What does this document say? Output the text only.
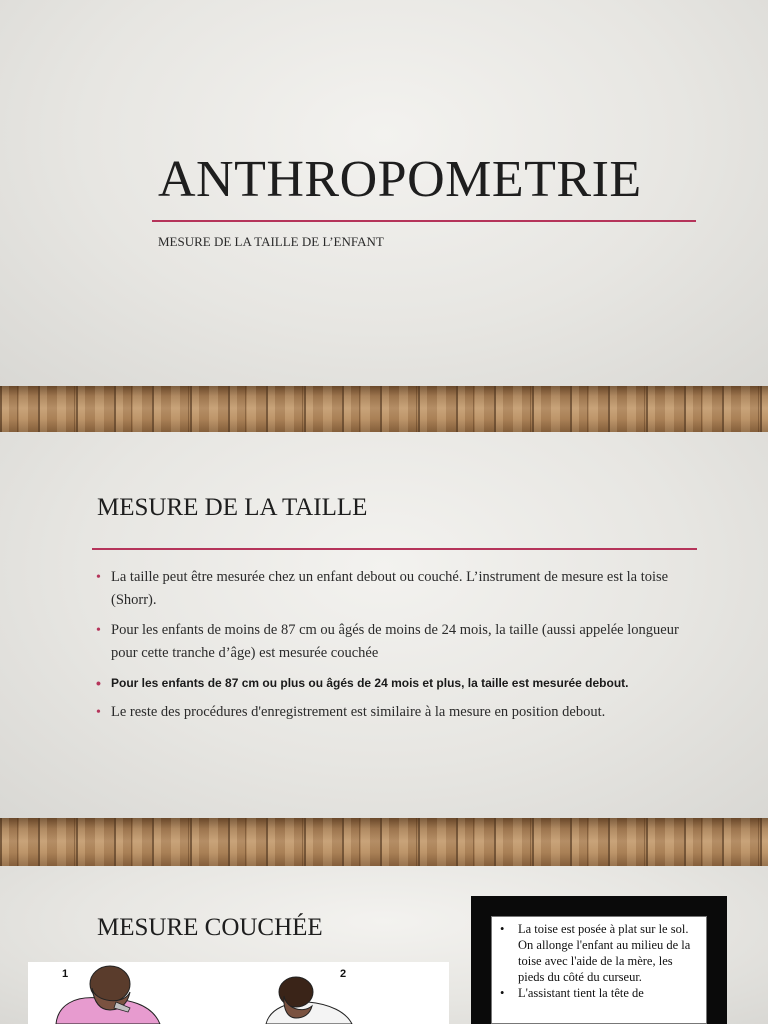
ANTHROPOMETRIE

MESURE DE LA TAILLE DE L’ENFANT

MESURE DE LA TAILLE
• La taille peut être mesurée chez un enfant debout ou couché. L’instrument de mesure est la toise (Shorr).
• Pour les enfants de moins de 87 cm ou âgés de moins de 24 mois, la taille (aussi appelée longueur pour cette tranche d’âge) est mesurée couchée
• Pour les enfants de 87 cm ou plus ou âgés de 24 mois et plus, la taille est mesurée debout.
• Le reste des procédures d'enregistrement est similaire à la mesure en position debout.
MESURE COUCHÉE
1	2
• La toise est posée à plat sur le sol. On allonge l'enfant au milieu de la toise avec l'aide de la mère, les pieds du côté du curseur.
• L'assistant tient la tête de
